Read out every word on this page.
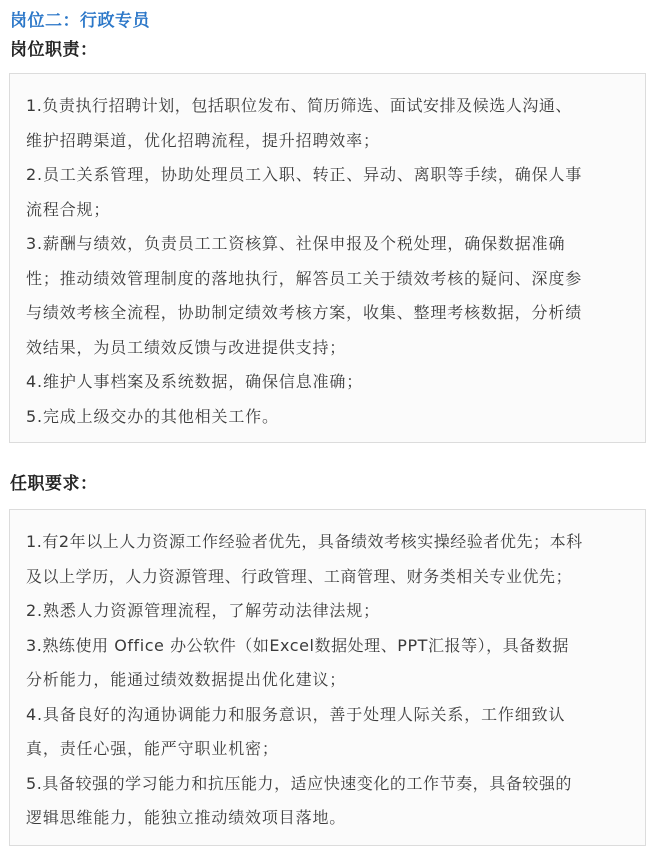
岗位二：行政专员
岗位职责：
1.负责执行招聘计划，包括职位发布、简历筛选、面试安排及候选人沟通、
维护招聘渠道，优化招聘流程，提升招聘效率；
2.员工关系管理，协助处理员工入职、转正、异动、离职等手续，确保人事
流程合规；
3.薪酬与绩效，负责员工工资核算、社保申报及个税处理，确保数据准确
性；推动绩效管理制度的落地执行，解答员工关于绩效考核的疑问、深度参
与绩效考核全流程，协助制定绩效考核方案，收集、整理考核数据，分析绩
效结果，为员工绩效反馈与改进提供支持；
4.维护人事档案及系统数据，确保信息准确；
5.完成上级交办的其他相关工作。
任职要求：
1.有2年以上人力资源工作经验者优先，具备绩效考核实操经验者优先；本科
及以上学历，人力资源管理、行政管理、工商管理、财务类相关专业优先；
2.熟悉人力资源管理流程，了解劳动法律法规；
3.熟练使用 Office 办公软件（如Excel数据处理、PPT汇报等），具备数据
分析能力，能通过绩效数据提出优化建议；
4.具备良好的沟通协调能力和服务意识，善于处理人际关系，工作细致认
真，责任心强，能严守职业机密；
5.具备较强的学习能力和抗压能力，适应快速变化的工作节奏，具备较强的
逻辑思维能力，能独立推动绩效项目落地。
